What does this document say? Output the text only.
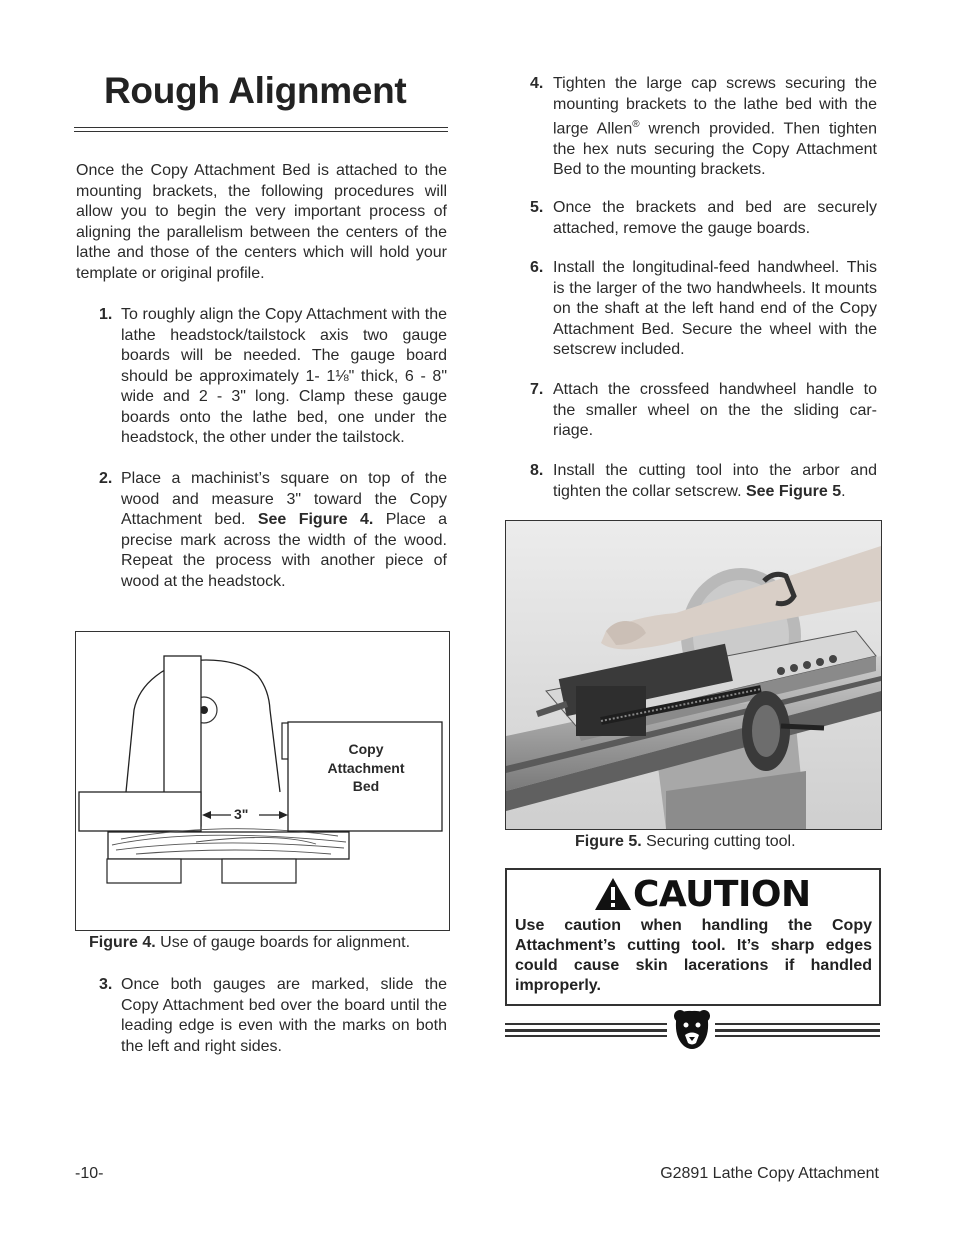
Rough Alignment

Once the Copy Attachment Bed is attached to the mounting brackets, the following procedures will allow you to begin the very important process of aligning the parallelism between the centers of the lathe and those of the centers which will hold your template or original profile.

1. To roughly align the Copy Attachment with the lathe headstock/tailstock axis two gauge boards will be needed. The gauge board should be approximately 1- 1⅛" thick, 6 - 8" wide and 2 - 3" long. Clamp these gauge boards onto the lathe bed, one under the headstock, the other under the tailstock.

2. Place a machinist’s square on top of the wood and measure 3" toward the Copy Attachment bed. See Figure 4. Place a precise mark across the width of the wood. Repeat the process with another piece of wood at the headstock.

Copy
Attachment
Bed
3"
Figure 4. Use of gauge boards for alignment.
3. Once both gauges are marked, slide the Copy Attachment bed over the board until the leading edge is even with the marks on both the left and right sides.

4. Tighten the large cap screws securing the mounting brackets to the lathe bed with the large Allen® wrench provided. Then tighten the hex nuts securing the Copy Attachment Bed to the mounting brackets.

5. Once the brackets and bed are securely attached, remove the gauge boards.

6. Install the longitudinal-feed handwheel. This is the larger of the two handwheels. It mounts on the shaft at the left hand end of the Copy Attachment Bed. Secure the wheel with the setscrew included.

7. Attach the crossfeed handwheel handle to the smaller wheel on the the sliding car- riage.

8. Install the cutting tool into the arbor and tighten the collar setscrew. See Figure 5.

Figure 5. Securing cutting tool.
CAUTION

Use caution when handling the Copy Attachment’s cutting tool. It’s sharp edges could cause skin lacerations if handled improperly.

-10-	G2891 Lathe Copy Attachment
